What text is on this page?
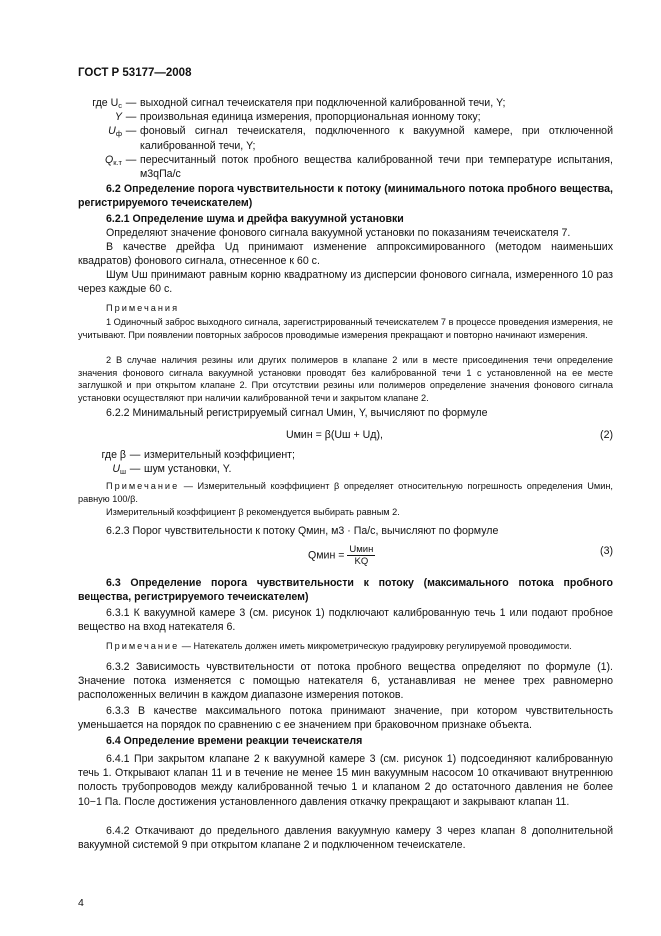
ГОСТ Р 53177—2008
где $U_c$ — выходной сигнал течеискателя при подключенной калиброванной течи, Y;
Y — произвольная единица измерения, пропорциональная ионному току;
$U_ф$ — фоновый сигнал течеискателя, подключенного к вакуумной камере, при отключенной калиброванной течи, Y;
$Q_{к.т}$ — пересчитанный поток пробного вещества калиброванной течи при температуре испытания, м3qПа/с
6.2 Определение порога чувствительности к потоку (минимального потока пробного вещества, регистрируемого течеискателем)
6.2.1 Определение шума и дрейфа вакуумной установки
Определяют значение фонового сигнала вакуумной установки по показаниям течеискателя 7.
В качестве дрейфа Uд принимают изменение аппроксимированного (методом наименьших квадратов) фонового сигнала, отнесенное к 60 с.
Шум Uш принимают равным корню квадратному из дисперсии фонового сигнала, измеренного 10 раз через каждые 60 с.
Примечания
1 Одиночный заброс выходного сигнала, зарегистрированный течеискателем 7 в процессе проведения измерения, не учитывают. При появлении повторных забросов проводимые измерения прекращают и повторно начинают измерения.
2 В случае наличия резины или других полимеров в клапане 2 или в месте присоединения течи определение значения фонового сигнала вакуумной установки проводят без калиброванной течи 1 с установленной на ее месте заглушкой и при открытом клапане 2. При отсутствии резины или полимеров определение значения фонового сигнала установки осуществляют при наличии калиброванной течи и закрытом клапане 2.
6.2.2 Минимальный регистрируемый сигнал Uмин, Y, вычисляют по формуле
Uмин = β(Uш + Uд),	(2)
где β — измерительный коэффициент;
$U_ш$ — шум установки, Y.
Примечание — Измерительный коэффициент β определяет относительную погрешность определения Uмин, равную 100/β.
Измерительный коэффициент β рекомендуется выбирать равным 2.
6.2.3 Порог чувствительности к потоку Qмин, м3 · Па/с, вычисляют по формуле
Qмин = $\frac{\text{Uмин}}{KQ}$	(3)
6.3 Определение порога чувствительности к потоку (максимального потока пробного вещества, регистрируемого течеискателем)
6.3.1 К вакуумной камере 3 (см. рисунок 1) подключают калиброванную течь 1 или подают пробное вещество на вход натекателя 6.
Примечание — Натекатель должен иметь микрометрическую градуировку регулируемой проводимости.
6.3.2 Зависимость чувствительности от потока пробного вещества определяют по формуле (1). Значение потока изменяется с помощью натекателя 6, устанавливая не менее трех равномерно расположенных величин в каждом диапазоне измерения потоков.
6.3.3 В качестве максимального потока принимают значение, при котором чувствительность уменьшается на порядок по сравнению с ее значением при браковочном признаке объекта.
6.4 Определение времени реакции течеискателя
6.4.1 При закрытом клапане 2 к вакуумной камере 3 (см. рисунок 1) подсоединяют калиброванную течь 1. Открывают клапан 11 и в течение не менее 15 мин вакуумным насосом 10 откачивают внутреннюю полость трубопроводов между калиброванной течью 1 и клапаном 2 до остаточного давления не более 10−1 Па. После достижения установленного давления откачку прекращают и закрывают клапан 11.
6.4.2 Откачивают до предельного давления вакуумную камеру 3 через клапан 8 дополнительной вакуумной системой 9 при открытом клапане 2 и подключенном течеискателе.
4
